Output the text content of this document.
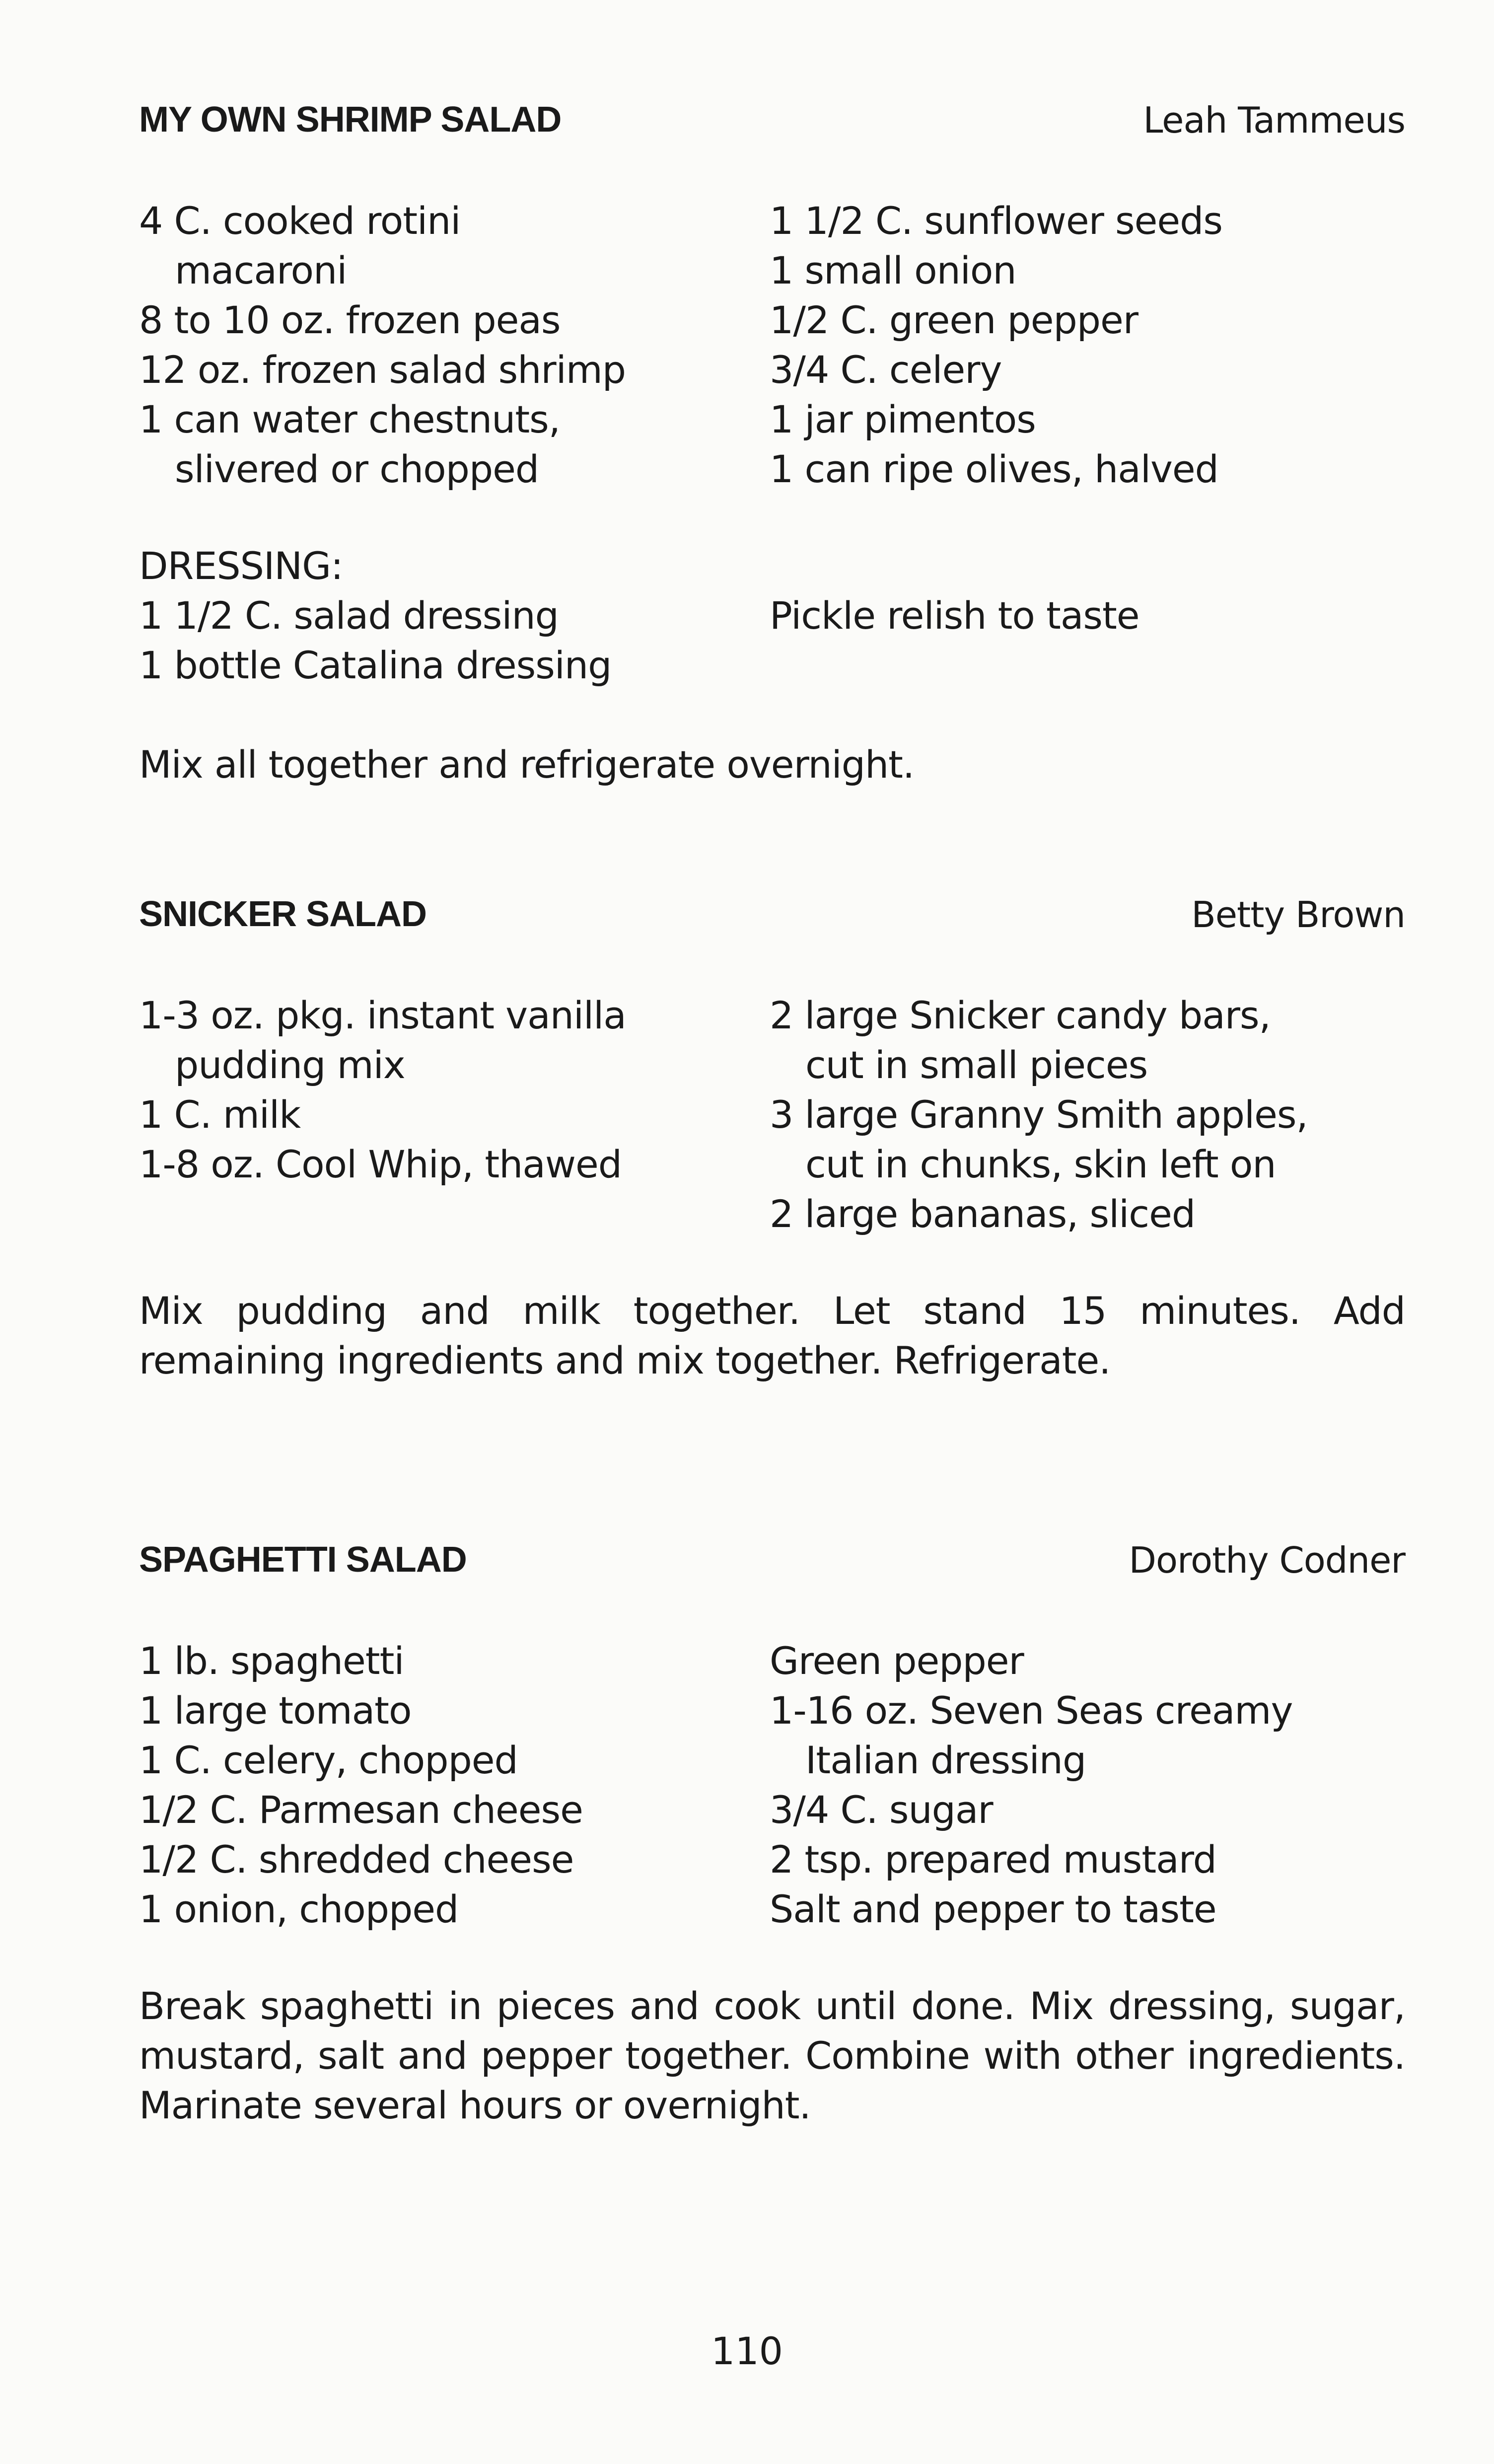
MY OWN SHRIMP SALAD	Leah Tammeus
4 C. cooked rotini
macaroni
8 to 10 oz. frozen peas
12 oz. frozen salad shrimp
1 can water chestnuts,
slivered or chopped
1 1/2 C. sunflower seeds
1 small onion
1/2 C. green pepper
3/4 C. celery
1 jar pimentos
1 can ripe olives, halved
DRESSING:
1 1/2 C. salad dressing
1 bottle Catalina dressing
Pickle relish to taste
Mix all together and refrigerate overnight.
SNICKER SALAD	Betty Brown
1-3 oz. pkg. instant vanilla
pudding mix
1 C. milk
1-8 oz. Cool Whip, thawed
2 large Snicker candy bars,
cut in small pieces
3 large Granny Smith apples,
cut in chunks, skin left on
2 large bananas, sliced
Mix pudding and milk together. Let stand 15 minutes. Add remaining ingredients and mix together. Refrigerate.
SPAGHETTI SALAD	Dorothy Codner
1 lb. spaghetti
1 large tomato
1 C. celery, chopped
1/2 C. Parmesan cheese
1/2 C. shredded cheese
1 onion, chopped
Green pepper
1-16 oz. Seven Seas creamy
Italian dressing
3/4 C. sugar
2 tsp. prepared mustard
Salt and pepper to taste
Break spaghetti in pieces and cook until done. Mix dressing, sugar, mustard, salt and pepper together. Combine with other ingredients. Marinate several hours or overnight.
110
